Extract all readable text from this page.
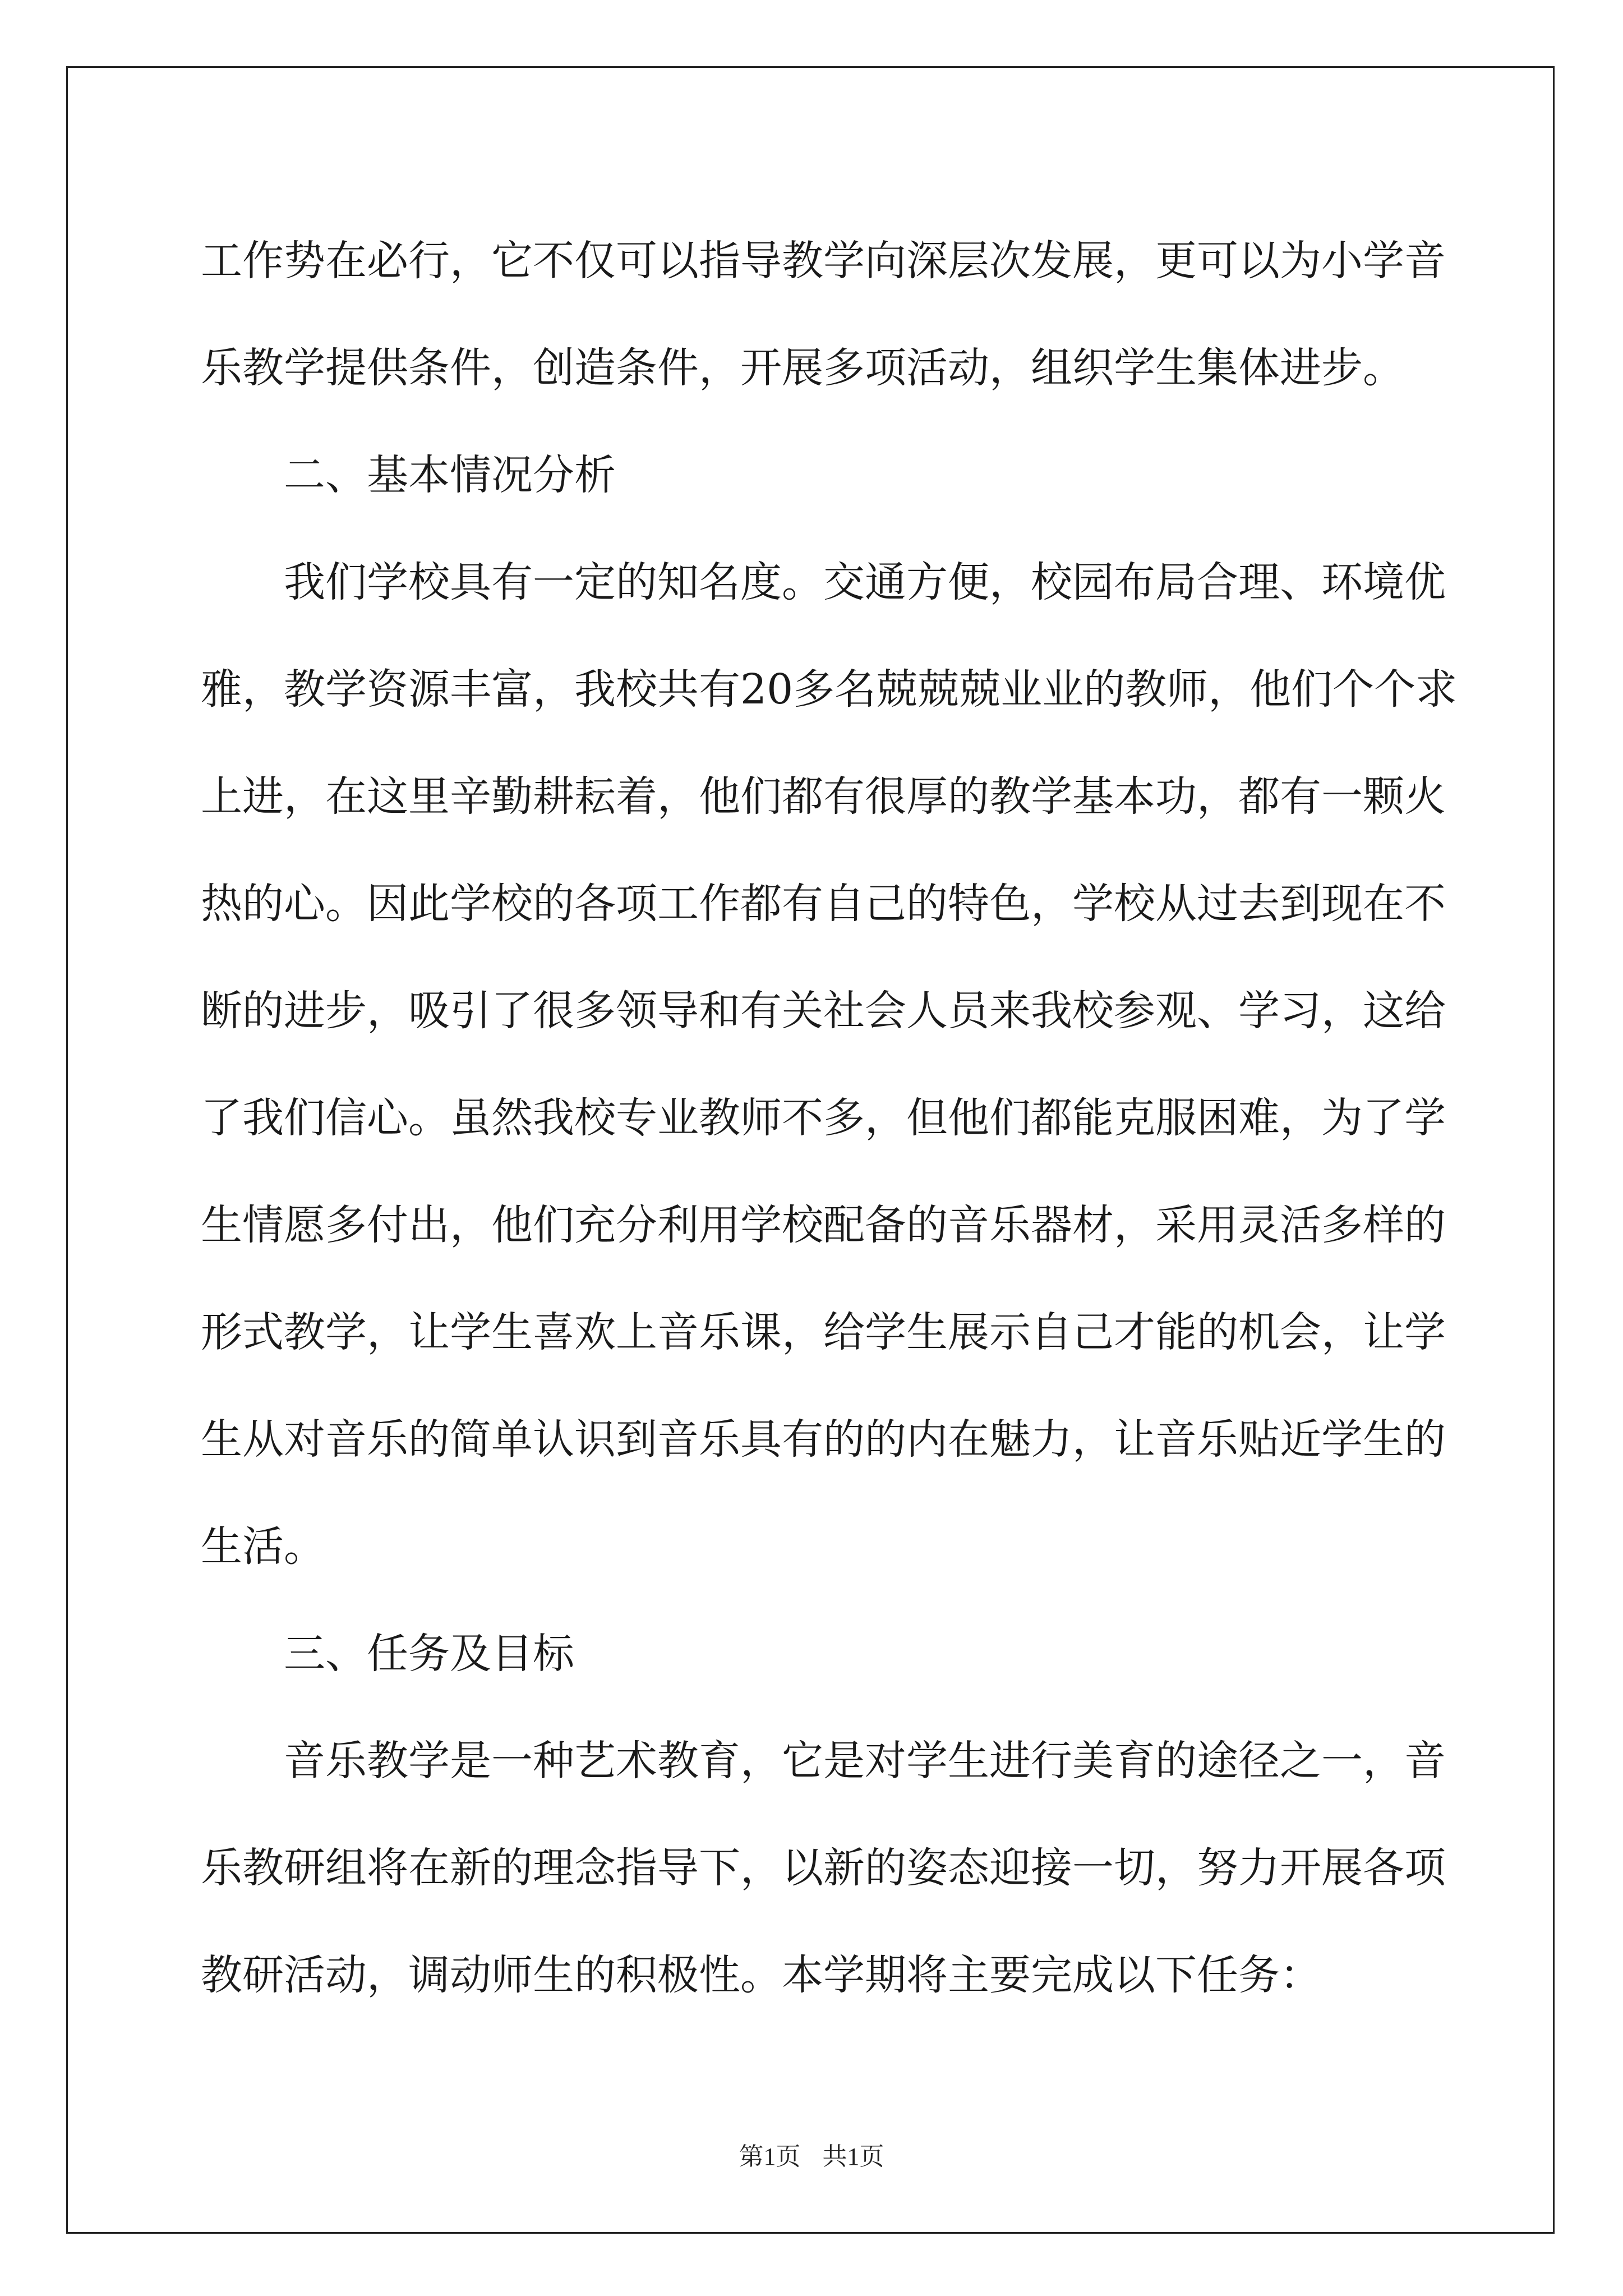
工作势在必行，它不仅可以指导教学向深层次发展，更可以为小学音
乐教学提供条件，创造条件，开展多项活动，组织学生集体进步。
二、基本情况分析
我们学校具有一定的知名度。交通方便，校园布局合理、环境优
雅，教学资源丰富，我校共有20多名兢兢兢业业的教师，他们个个求
上进，在这里辛勤耕耘着，他们都有很厚的教学基本功，都有一颗火
热的心。因此学校的各项工作都有自己的特色，学校从过去到现在不
断的进步，吸引了很多领导和有关社会人员来我校参观、学习，这给
了我们信心。虽然我校专业教师不多，但他们都能克服困难，为了学
生情愿多付出，他们充分利用学校配备的音乐器材，采用灵活多样的
形式教学，让学生喜欢上音乐课，给学生展示自己才能的机会，让学
生从对音乐的简单认识到音乐具有的的内在魅力，让音乐贴近学生的
生活。
三、任务及目标
音乐教学是一种艺术教育，它是对学生进行美育的途径之一，音
乐教研组将在新的理念指导下，以新的姿态迎接一切，努力开展各项
教研活动，调动师生的积极性。本学期将主要完成以下任务：
第1页 共1页
